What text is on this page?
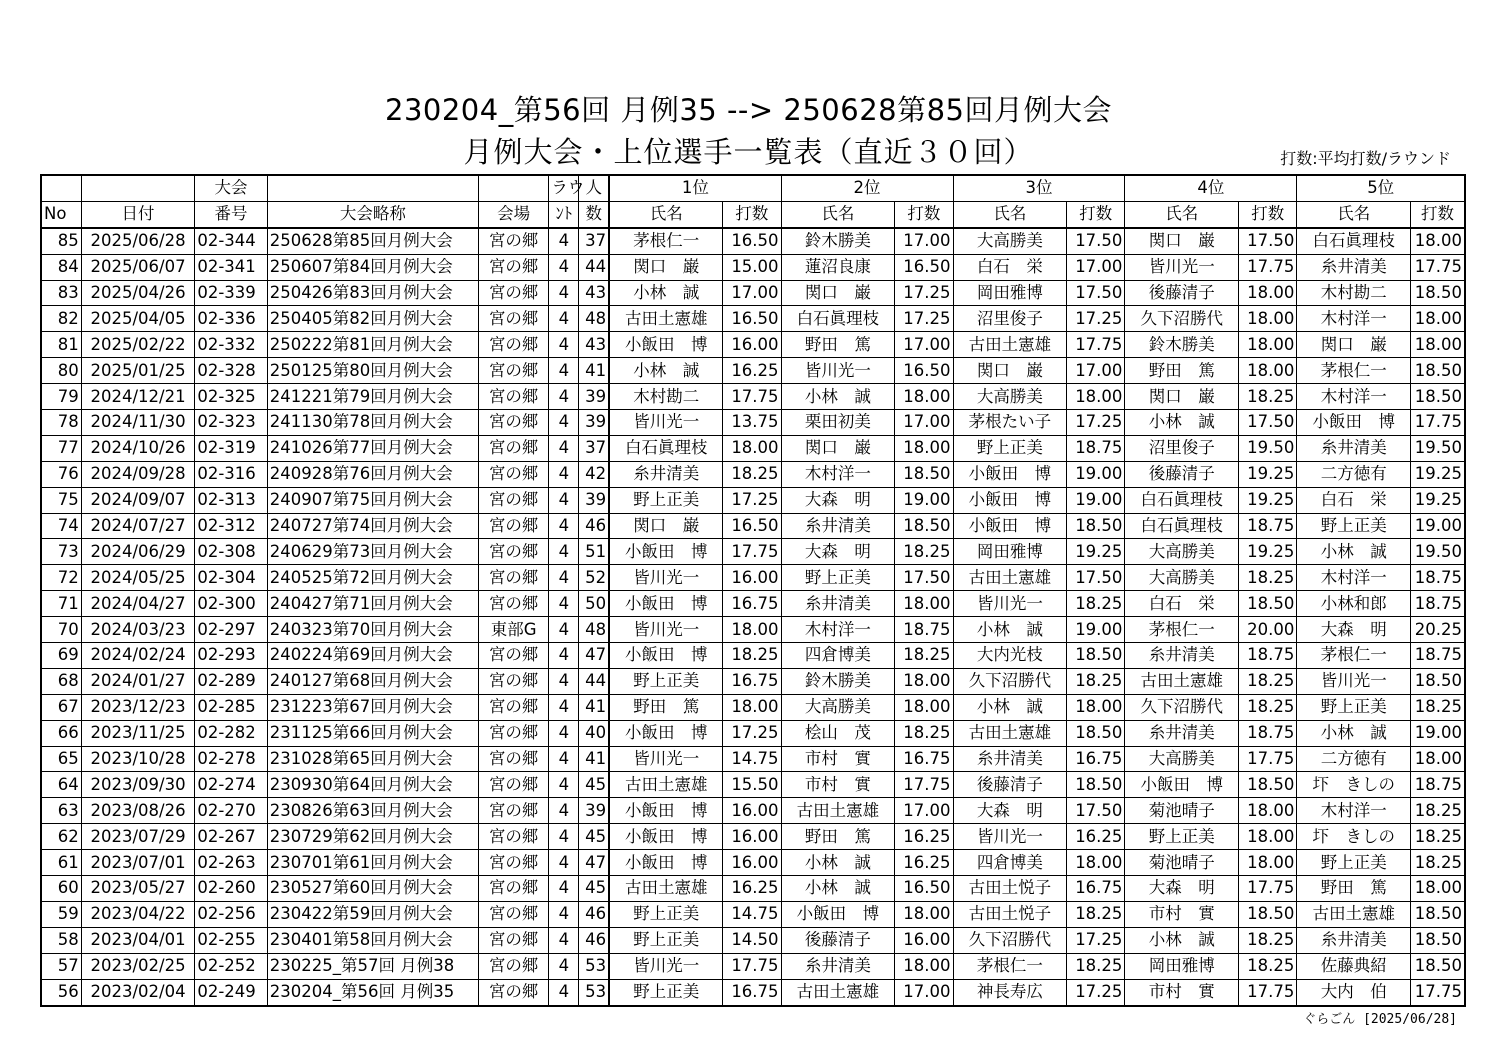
230204_第56回 月例35 --> 250628第85回月例大会
月例大会・上位選手一覧表（直近３０回）	打数:平均打数/ラウンド
		大会			ラウ	人	1位		2位		3位		4位		5位	
No	日付	番号	大会略称	会場	ﾝﾄ	数	氏名	打数	氏名	打数	氏名	打数	氏名	打数	氏名	打数
85	2025/06/28	02-344	250628第85回月例大会	宮の郷	4	37	茅根仁一	16.50	鈴木勝美	17.00	大高勝美	17.50	関口　巌	17.50	白石眞理枝	18.00
84	2025/06/07	02-341	250607第84回月例大会	宮の郷	4	44	関口　巌	15.00	蓮沼良康	16.50	白石　栄	17.00	皆川光一	17.75	糸井清美	17.75
83	2025/04/26	02-339	250426第83回月例大会	宮の郷	4	43	小林　誠	17.00	関口　巌	17.25	岡田雅博	17.50	後藤清子	18.00	木村勘二	18.50
82	2025/04/05	02-336	250405第82回月例大会	宮の郷	4	48	古田土憲雄	16.50	白石眞理枝	17.25	沼里俊子	17.25	久下沼勝代	18.00	木村洋一	18.00
81	2025/02/22	02-332	250222第81回月例大会	宮の郷	4	43	小飯田　博	16.00	野田　篤	17.00	古田土憲雄	17.75	鈴木勝美	18.00	関口　巌	18.00
80	2025/01/25	02-328	250125第80回月例大会	宮の郷	4	41	小林　誠	16.25	皆川光一	16.50	関口　巌	17.00	野田　篤	18.00	茅根仁一	18.50
79	2024/12/21	02-325	241221第79回月例大会	宮の郷	4	39	木村勘二	17.75	小林　誠	18.00	大高勝美	18.00	関口　巌	18.25	木村洋一	18.50
78	2024/11/30	02-323	241130第78回月例大会	宮の郷	4	39	皆川光一	13.75	栗田初美	17.00	茅根たい子	17.25	小林　誠	17.50	小飯田　博	17.75
77	2024/10/26	02-319	241026第77回月例大会	宮の郷	4	37	白石眞理枝	18.00	関口　巌	18.00	野上正美	18.75	沼里俊子	19.50	糸井清美	19.50
76	2024/09/28	02-316	240928第76回月例大会	宮の郷	4	42	糸井清美	18.25	木村洋一	18.50	小飯田　博	19.00	後藤清子	19.25	二方徳有	19.25
75	2024/09/07	02-313	240907第75回月例大会	宮の郷	4	39	野上正美	17.25	大森　明	19.00	小飯田　博	19.00	白石眞理枝	19.25	白石　栄	19.25
74	2024/07/27	02-312	240727第74回月例大会	宮の郷	4	46	関口　巌	16.50	糸井清美	18.50	小飯田　博	18.50	白石眞理枝	18.75	野上正美	19.00
73	2024/06/29	02-308	240629第73回月例大会	宮の郷	4	51	小飯田　博	17.75	大森　明	18.25	岡田雅博	19.25	大高勝美	19.25	小林　誠	19.50
72	2024/05/25	02-304	240525第72回月例大会	宮の郷	4	52	皆川光一	16.00	野上正美	17.50	古田土憲雄	17.50	大高勝美	18.25	木村洋一	18.75
71	2024/04/27	02-300	240427第71回月例大会	宮の郷	4	50	小飯田　博	16.75	糸井清美	18.00	皆川光一	18.25	白石　栄	18.50	小林和郎	18.75
70	2024/03/23	02-297	240323第70回月例大会	東部G	4	48	皆川光一	18.00	木村洋一	18.75	小林　誠	19.00	茅根仁一	20.00	大森　明	20.25
69	2024/02/24	02-293	240224第69回月例大会	宮の郷	4	47	小飯田　博	18.25	四倉博美	18.25	大内光枝	18.50	糸井清美	18.75	茅根仁一	18.75
68	2024/01/27	02-289	240127第68回月例大会	宮の郷	4	44	野上正美	16.75	鈴木勝美	18.00	久下沼勝代	18.25	古田土憲雄	18.25	皆川光一	18.50
67	2023/12/23	02-285	231223第67回月例大会	宮の郷	4	41	野田　篤	18.00	大高勝美	18.00	小林　誠	18.00	久下沼勝代	18.25	野上正美	18.25
66	2023/11/25	02-282	231125第66回月例大会	宮の郷	4	40	小飯田　博	17.25	桧山　茂	18.25	古田土憲雄	18.50	糸井清美	18.75	小林　誠	19.00
65	2023/10/28	02-278	231028第65回月例大会	宮の郷	4	41	皆川光一	14.75	市村　實	16.75	糸井清美	16.75	大高勝美	17.75	二方徳有	18.00
64	2023/09/30	02-274	230930第64回月例大会	宮の郷	4	45	古田土憲雄	15.50	市村　實	17.75	後藤清子	18.50	小飯田　博	18.50	圷　きしの	18.75
63	2023/08/26	02-270	230826第63回月例大会	宮の郷	4	39	小飯田　博	16.00	古田土憲雄	17.00	大森　明	17.50	菊池晴子	18.00	木村洋一	18.25
62	2023/07/29	02-267	230729第62回月例大会	宮の郷	4	45	小飯田　博	16.00	野田　篤	16.25	皆川光一	16.25	野上正美	18.00	圷　きしの	18.25
61	2023/07/01	02-263	230701第61回月例大会	宮の郷	4	47	小飯田　博	16.00	小林　誠	16.25	四倉博美	18.00	菊池晴子	18.00	野上正美	18.25
60	2023/05/27	02-260	230527第60回月例大会	宮の郷	4	45	古田土憲雄	16.25	小林　誠	16.50	古田土悦子	16.75	大森　明	17.75	野田　篤	18.00
59	2023/04/22	02-256	230422第59回月例大会	宮の郷	4	46	野上正美	14.75	小飯田　博	18.00	古田土悦子	18.25	市村　實	18.50	古田土憲雄	18.50
58	2023/04/01	02-255	230401第58回月例大会	宮の郷	4	46	野上正美	14.50	後藤清子	16.00	久下沼勝代	17.25	小林　誠	18.25	糸井清美	18.50
57	2023/02/25	02-252	230225_第57回 月例38	宮の郷	4	53	皆川光一	17.75	糸井清美	18.00	茅根仁一	18.25	岡田雅博	18.25	佐藤典紹	18.50
56	2023/02/04	02-249	230204_第56回 月例35	宮の郷	4	53	野上正美	16.75	古田土憲雄	17.00	神長寿広	17.25	市村　實	17.75	大内　伯	17.75
ぐらごん [2025/06/28]
